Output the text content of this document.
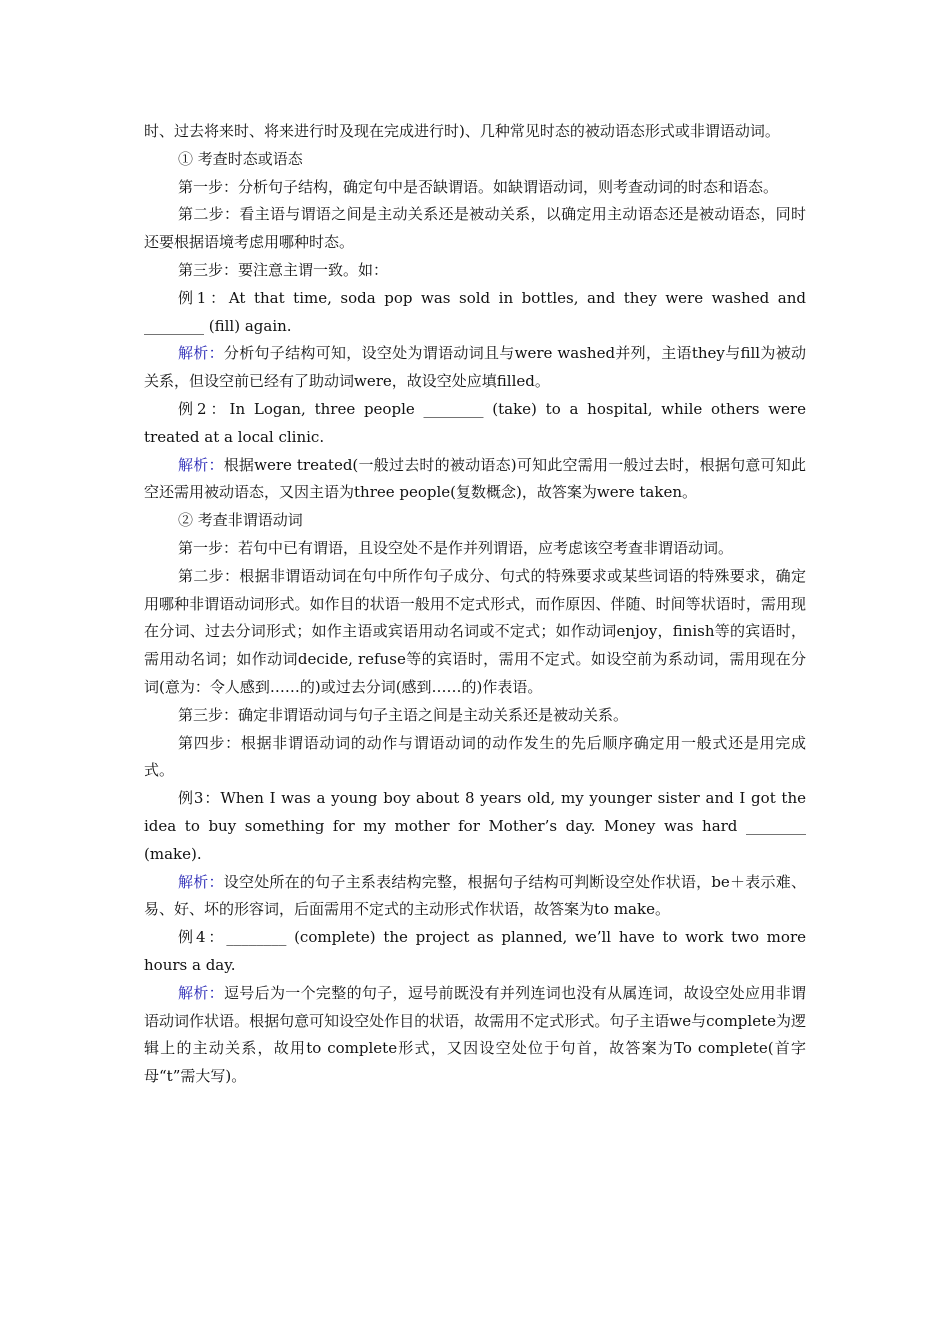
时、过去将来时、将来进行时及现在完成进行时)、几种常见时态的被动语态形式或非谓语动词。

① 考查时态或语态

第一步：分析句子结构，确定句中是否缺谓语。如缺谓语动词，则考查动词的时态和语态。

第二步：看主语与谓语之间是主动关系还是被动关系，以确定用主动语态还是被动语态，同时还要根据语境考虑用哪种时态。

第三步：要注意主谓一致。如：

例1：At that time, soda pop was sold in bottles, and they were washed and ________ (fill) again.

解析：分析句子结构可知，设空处为谓语动词且与were washed并列，主语they与fill为被动关系，但设空前已经有了助动词were，故设空处应填filled。

例2：In Logan, three people ________ (take) to a hospital, while others were treated at a local clinic.

解析：根据were treated(一般过去时的被动语态)可知此空需用一般过去时，根据句意可知此空还需用被动语态，又因主语为three people(复数概念)，故答案为were taken。

② 考查非谓语动词

第一步：若句中已有谓语，且设空处不是作并列谓语，应考虑该空考查非谓语动词。

第二步：根据非谓语动词在句中所作句子成分、句式的特殊要求或某些词语的特殊要求，确定用哪种非谓语动词形式。如作目的状语一般用不定式形式，而作原因、伴随、时间等状语时，需用现在分词、过去分词形式；如作主语或宾语用动名词或不定式；如作动词enjoy，finish等的宾语时，需用动名词；如作动词decide, refuse等的宾语时，需用不定式。如设空前为系动词，需用现在分词(意为：令人感到……的)或过去分词(感到……的)作表语。

第三步：确定非谓语动词与句子主语之间是主动关系还是被动关系。

第四步：根据非谓语动词的动作与谓语动词的动作发生的先后顺序确定用一般式还是用完成式。

例3：When I was a young boy about 8 years old, my younger sister and I got the idea to buy something for my mother for Mother’s day. Money was hard ________ (make).

解析：设空处所在的句子主系表结构完整，根据句子结构可判断设空处作状语，be＋表示难、易、好、坏的形容词，后面需用不定式的主动形式作状语，故答案为to make。

例4：________ (complete) the project as planned, we’ll have to work two more hours a day.

解析：逗号后为一个完整的句子，逗号前既没有并列连词也没有从属连词，故设空处应用非谓语动词作状语。根据句意可知设空处作目的状语，故需用不定式形式。句子主语we与complete为逻辑上的主动关系，故用to complete形式，又因设空处位于句首，故答案为To complete(首字母“t”需大写)。
